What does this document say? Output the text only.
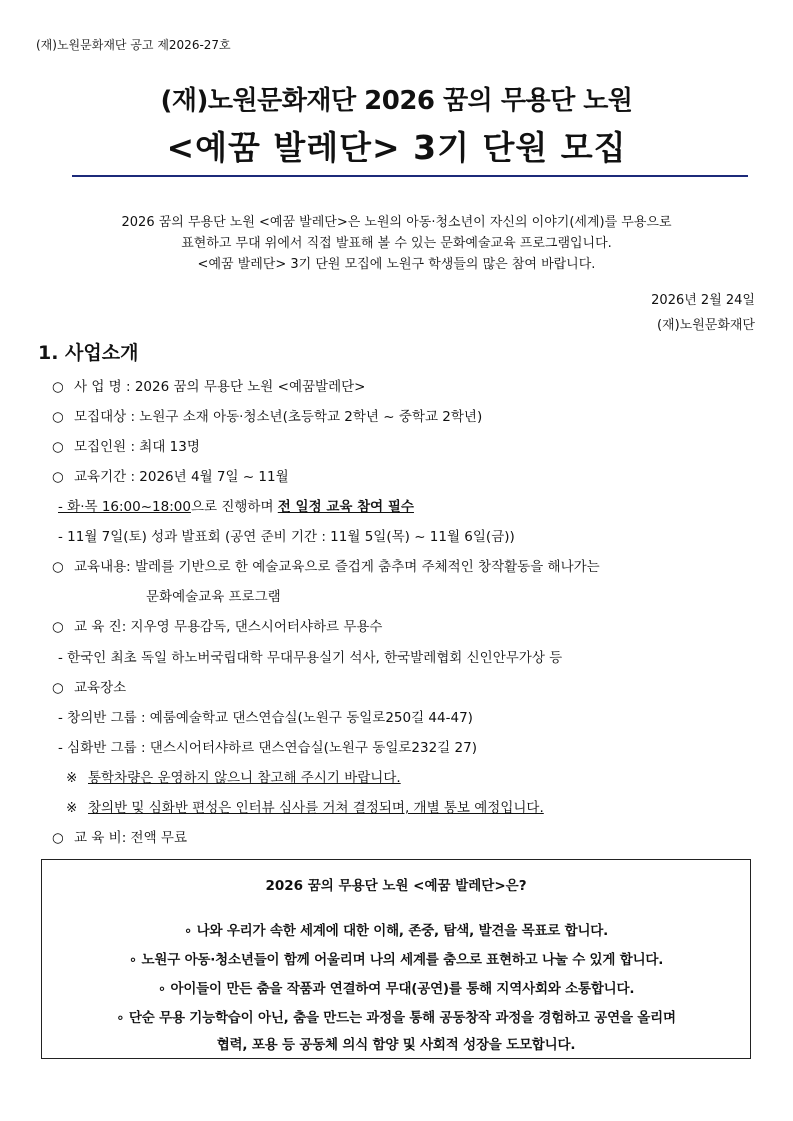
(재)노원문화재단 공고 제2026-27호
(재)노원문화재단 2026 꿈의 무용단 노원
<예꿈 발레단> 3기 단원 모집
2026 꿈의 무용단 노원 <예꿈 발레단>은 노원의 아동·청소년이 자신의 이야기(세계)를 무용으로
표현하고 무대 위에서 직접 발표해 볼 수 있는 문화예술교육 프로그램입니다.
<예꿈 발레단> 3기 단원 모집에 노원구 학생들의 많은 참여 바랍니다.
2026년 2월 24일
(재)노원문화재단
1. 사업소개
○ 사 업 명 : 2026 꿈의 무용단 노원 <예꿈발레단>
○ 모집대상 : 노원구 소재 아동·청소년(초등학교 2학년 ~ 중학교 2학년)
○ 모집인원 : 최대 13명
○ 교육기간 : 2026년 4월 7일 ~ 11월
- 화·목 16:00~18:00으로 진행하며 전 일정 교육 참여 필수
- 11월 7일(토) 성과 발표회 (공연 준비 기간 : 11월 5일(목) ~ 11월 6일(금))
○ 교육내용: 발레를 기반으로 한 예술교육으로 즐겁게 춤추며 주체적인 창작활동을 해나가는
문화예술교육 프로그램
○ 교 육 진: 지우영 무용감독, 댄스시어터샤하르 무용수
- 한국인 최초 독일 하노버국립대학 무대무용실기 석사, 한국발레협회 신인안무가상 등
○ 교육장소
- 창의반 그룹 : 예룸예술학교 댄스연습실(노원구 동일로250길 44-47)
- 심화반 그룹 : 댄스시어터샤하르 댄스연습실(노원구 동일로232길 27)
※ 통학차량은 운영하지 않으니 참고해 주시기 바랍니다.
※ 창의반 및 심화반 편성은 인터뷰 심사를 거쳐 결정되며, 개별 통보 예정입니다.
○ 교 육 비: 전액 무료
2026 꿈의 무용단 노원 <예꿈 발레단>은?
∘ 나와 우리가 속한 세계에 대한 이해, 존중, 탐색, 발견을 목표로 합니다.
∘ 노원구 아동·청소년들이 함께 어울리며 나의 세계를 춤으로 표현하고 나눌 수 있게 합니다.
∘ 아이들이 만든 춤을 작품과 연결하여 무대(공연)를 통해 지역사회와 소통합니다.
∘ 단순 무용 기능학습이 아닌, 춤을 만드는 과정을 통해 공동창작 과정을 경험하고 공연을 올리며
협력, 포용 등 공동체 의식 함양 및 사회적 성장을 도모합니다.
